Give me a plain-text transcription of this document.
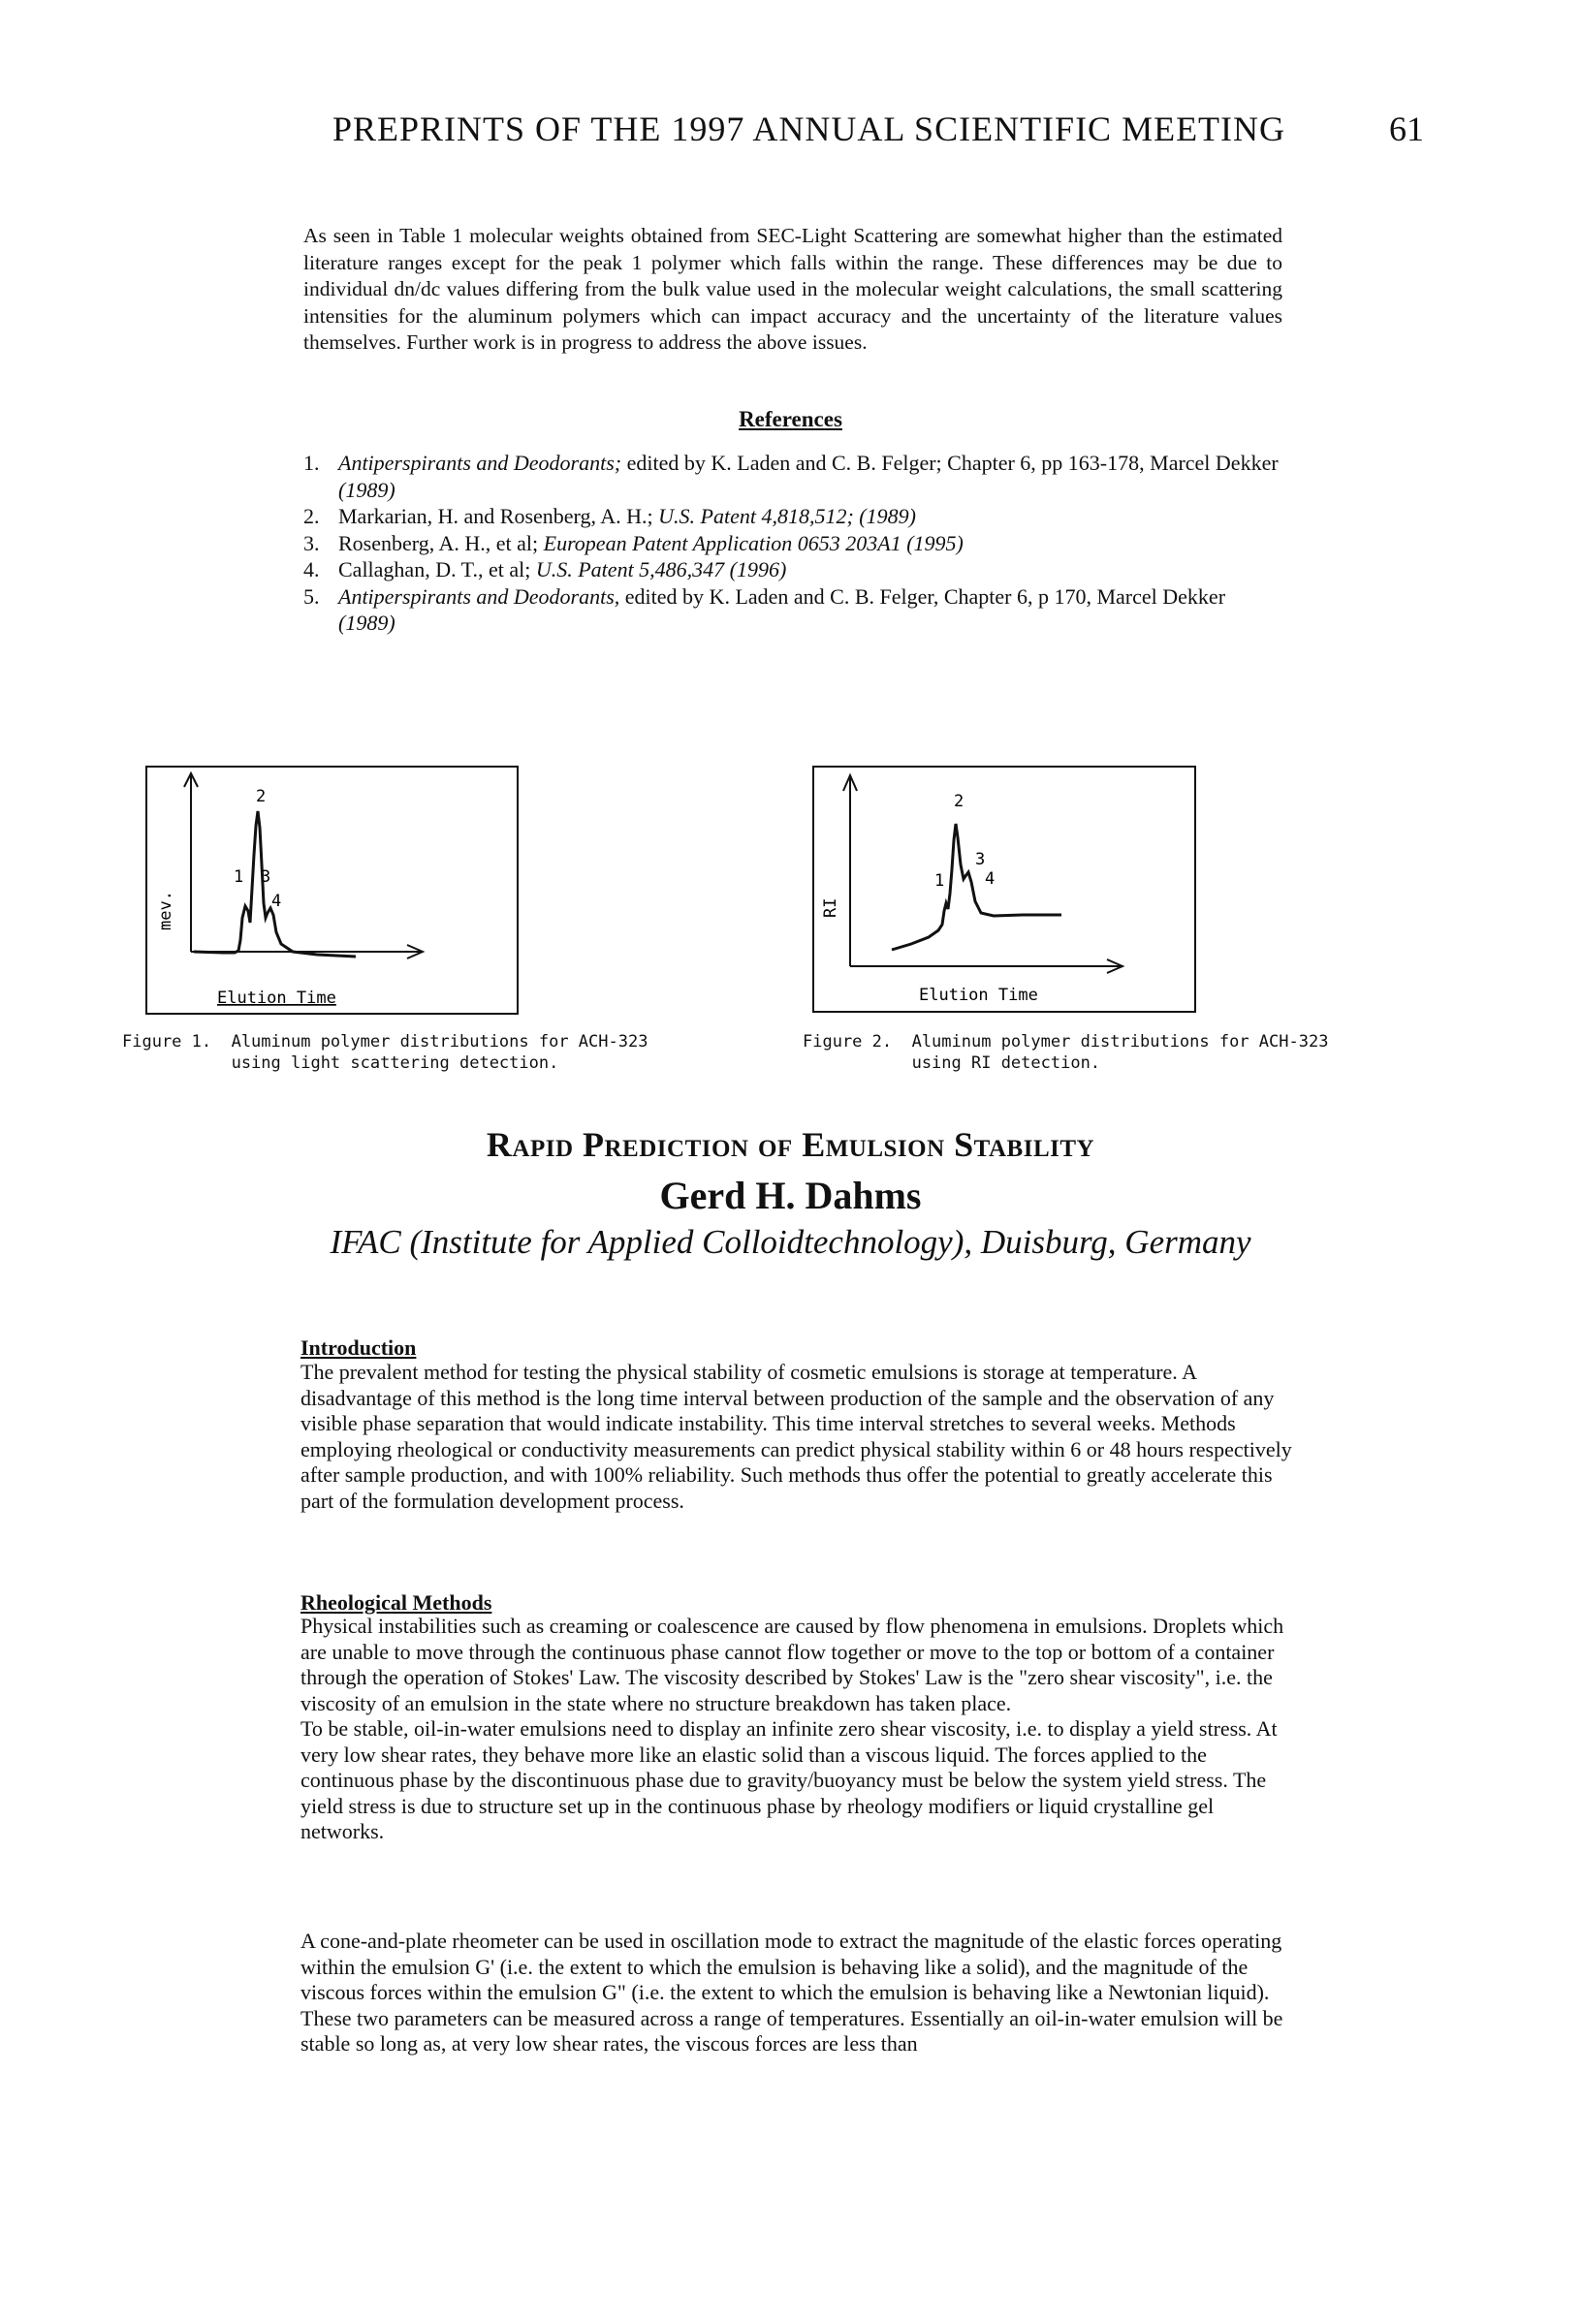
PREPRINTS OF THE 1997 ANNUAL SCIENTIFIC MEETING	61
As seen in Table 1 molecular weights obtained from SEC-Light Scattering are somewhat higher than the estimated literature ranges except for the peak 1 polymer which falls within the range. These differences may be due to individual dn/dc values differing from the bulk value used in the molecular weight calculations, the small scattering intensities for the aluminum polymers which can impact accuracy and the uncertainty of the literature values themselves. Further work is in progress to address the above issues.
References
1. Antiperspirants and Deodorants; edited by K. Laden and C. B. Felger; Chapter 6, pp 163-178, Marcel Dekker (1989)
2. Markarian, H. and Rosenberg, A. H.; U.S. Patent 4,818,512; (1989)
3. Rosenberg, A. H., et al; European Patent Application 0653 203A1 (1995)
4. Callaghan, D. T., et al; U.S. Patent 5,486,347 (1996)
5. Antiperspirants and Deodorants, edited by K. Laden and C. B. Felger, Chapter 6, p 170, Marcel Dekker (1989)
2
1 3
4
mev.
Elution Time
Figure 1.  Aluminum polymer distributions for ACH-323
using light scattering detection.
2
1
3
4
RI
Elution Time
Figure 2.  Aluminum polymer distributions for ACH-323
using RI detection.
Rapid Prediction of Emulsion Stability
Gerd H. Dahms
IFAC (Institute for Applied Colloidtechnology), Duisburg, Germany
Introduction

The prevalent method for testing the physical stability of cosmetic emulsions is storage at temperature. A disadvantage of this method is the long time interval between production of the sample and the observation of any visible phase separation that would indicate instability. This time interval stretches to several weeks. Methods employing rheological or conductivity measurements can predict physical stability within 6 or 48 hours respectively after sample production, and with 100% reliability. Such methods thus offer the potential to greatly accelerate this part of the formulation development process.

Rheological Methods

Physical instabilities such as creaming or coalescence are caused by flow phenomena in emulsions. Droplets which are unable to move through the continuous phase cannot flow together or move to the top or bottom of a container through the operation of Stokes' Law. The viscosity described by Stokes' Law is the "zero shear viscosity", i.e. the viscosity of an emulsion in the state where no structure breakdown has taken place.

To be stable, oil-in-water emulsions need to display an infinite zero shear viscosity, i.e. to display a yield stress. At very low shear rates, they behave more like an elastic solid than a viscous liquid. The forces applied to the continuous phase by the discontinuous phase due to gravity/buoyancy must be below the system yield stress. The yield stress is due to structure set up in the continuous phase by rheology modifiers or liquid crystalline gel networks.

A cone-and-plate rheometer can be used in oscillation mode to extract the magnitude of the elastic forces operating within the emulsion G' (i.e. the extent to which the emulsion is behaving like a solid), and the magnitude of the viscous forces within the emulsion G" (i.e. the extent to which the emulsion is behaving like a Newtonian liquid). These two parameters can be measured across a range of temperatures. Essentially an oil-in-water emulsion will be stable so long as, at very low shear rates, the viscous forces are less than
